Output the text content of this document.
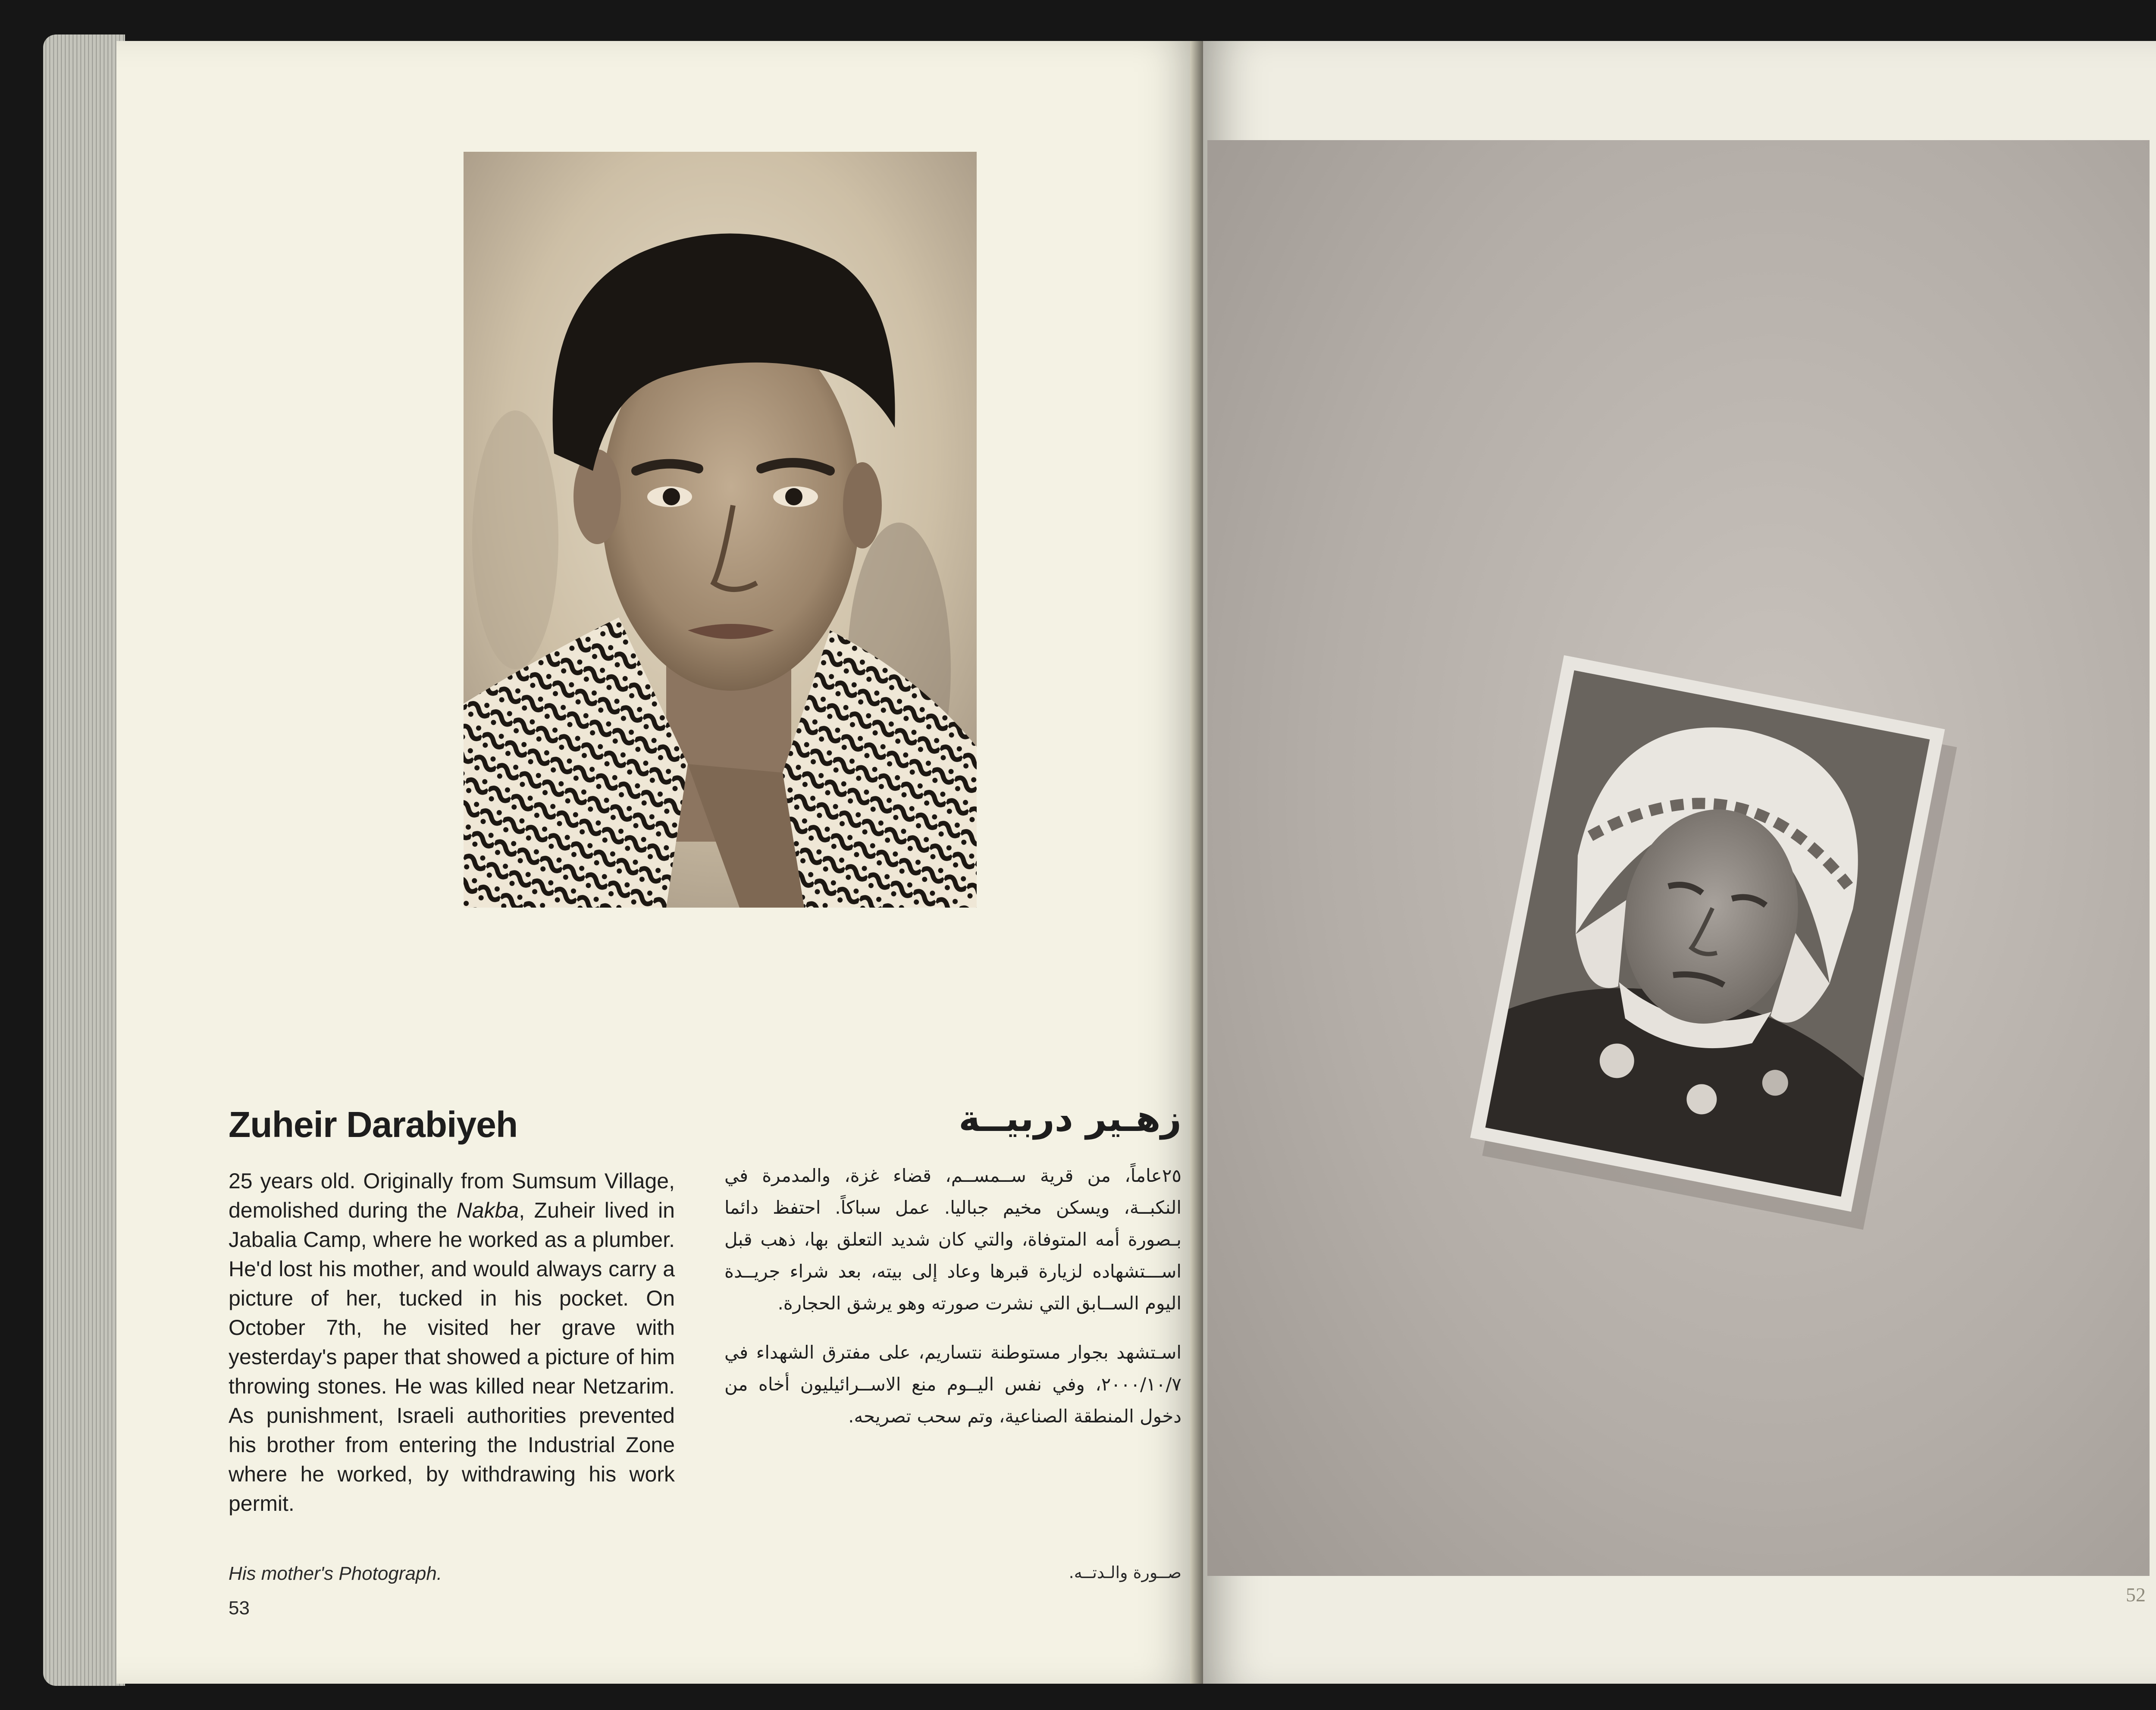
Zuheir Darabiyeh

25 years old. Originally from Sumsum Village, demolished during the Nakba, Zuheir lived in Jabalia Camp, where he worked as a plumber. He'd lost his mother, and would always carry a picture of her, tucked in his pocket. On October 7th, he visited her grave with yesterday's paper that showed a picture of him throwing stones. He was killed near Netzarim. As punishment, Israeli authorities prevented his brother from entering the Industrial Zone where he worked, by withdrawing his work permit.

زهـير دربيــة

٢٥عاماً، من قرية ســمســم، قضاء غزة، والمدمرة في النكبــة، ويسكن مخيم جباليا. عمل سباكاً. احتفظ دائما بـصورة أمه المتوفاة، والتي كان شديد التعلق بها، ذهب قبل اســـتشهاده لزيارة قبرها وعاد إلى بيته، بعد شراء جريــدة اليوم الســابق التي نشرت صورته وهو يرشق الحجارة.

اسـتشهد بجوار مستوطنة نتساريم، على مفترق الشهداء في ٢٠٠٠/١٠/٧، وفي نفس اليــوم منع الاســرائيليون أخاه من دخول المنطقة الصناعية، وتم سحب تصريحه.

His mother's Photograph.	صــورة والـدتــه.
53
52
